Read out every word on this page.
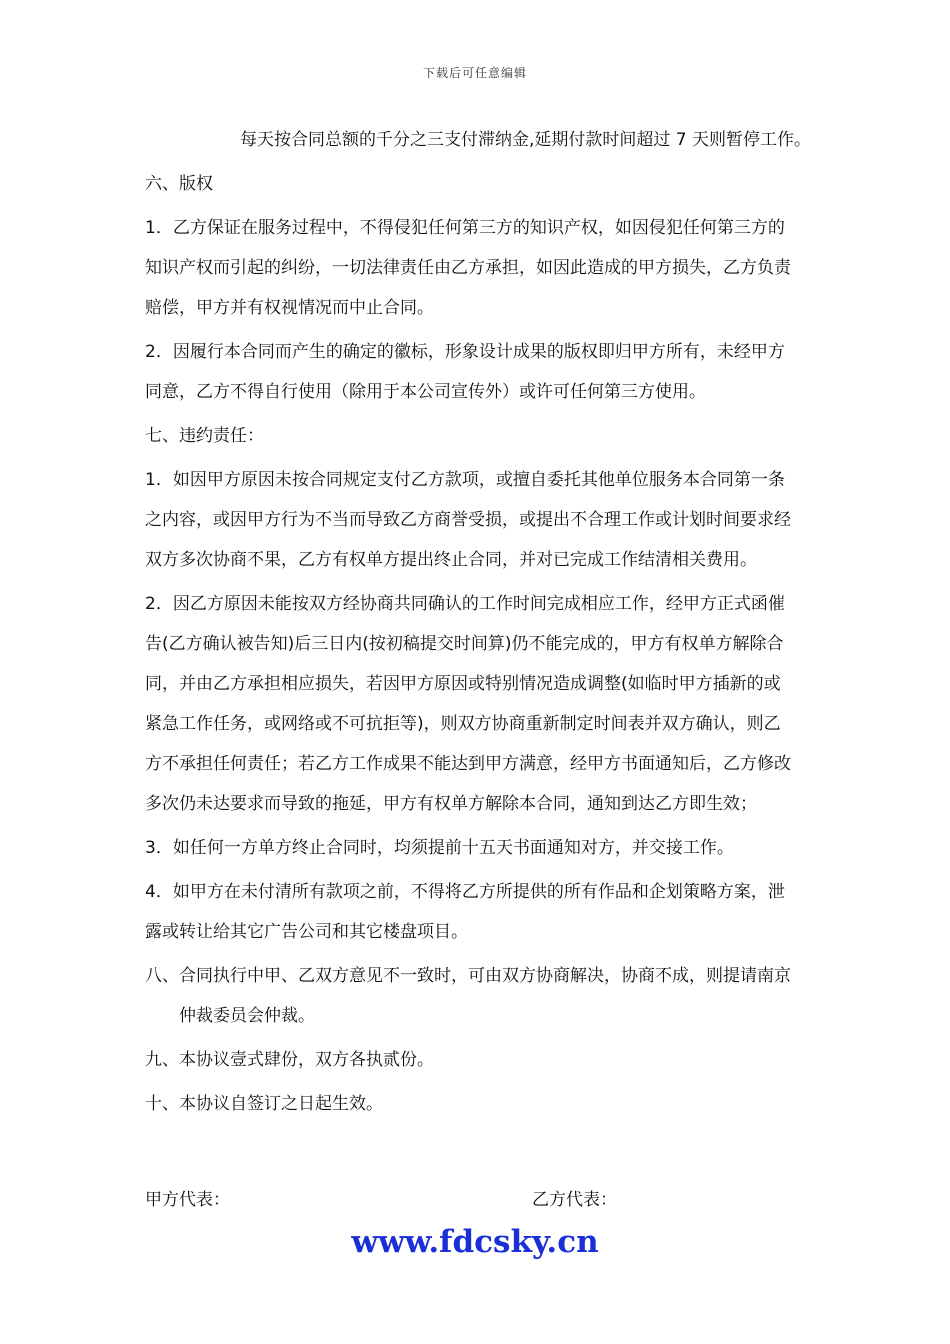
下载后可任意编辑
每天按合同总额的千分之三支付滞纳金,延期付款时间超过 7 天则暂停工作。
六、版权
1．乙方保证在服务过程中，不得侵犯任何第三方的知识产权，如因侵犯任何第三方的
知识产权而引起的纠纷，一切法律责任由乙方承担，如因此造成的甲方损失，乙方负责
赔偿，甲方并有权视情况而中止合同。
2．因履行本合同而产生的确定的徽标，形象设计成果的版权即归甲方所有，未经甲方
同意，乙方不得自行使用（除用于本公司宣传外）或许可任何第三方使用。
七、违约责任：
1．如因甲方原因未按合同规定支付乙方款项，或擅自委托其他单位服务本合同第一条
之内容，或因甲方行为不当而导致乙方商誉受损，或提出不合理工作或计划时间要求经
双方多次协商不果，乙方有权单方提出终止合同，并对已完成工作结清相关费用。
2．因乙方原因未能按双方经协商共同确认的工作时间完成相应工作，经甲方正式函催
告(乙方确认被告知)后三日内(按初稿提交时间算)仍不能完成的，甲方有权单方解除合
同，并由乙方承担相应损失，若因甲方原因或特别情况造成调整(如临时甲方插新的或
紧急工作任务，或网络或不可抗拒等)，则双方协商重新制定时间表并双方确认，则乙
方不承担任何责任；若乙方工作成果不能达到甲方满意，经甲方书面通知后，乙方修改
多次仍未达要求而导致的拖延，甲方有权单方解除本合同，通知到达乙方即生效；
3．如任何一方单方终止合同时，均须提前十五天书面通知对方，并交接工作。
4．如甲方在未付清所有款项之前，不得将乙方所提供的所有作品和企划策略方案，泄
露或转让给其它广告公司和其它楼盘项目。
八、合同执行中甲、乙双方意见不一致时，可由双方协商解决，协商不成，则提请南京
仲裁委员会仲裁。
九、本协议壹式肆份，双方各执贰份。
十、本协议自签订之日起生效。
甲方代表：	乙方代表：
www.fdcsky.cn
